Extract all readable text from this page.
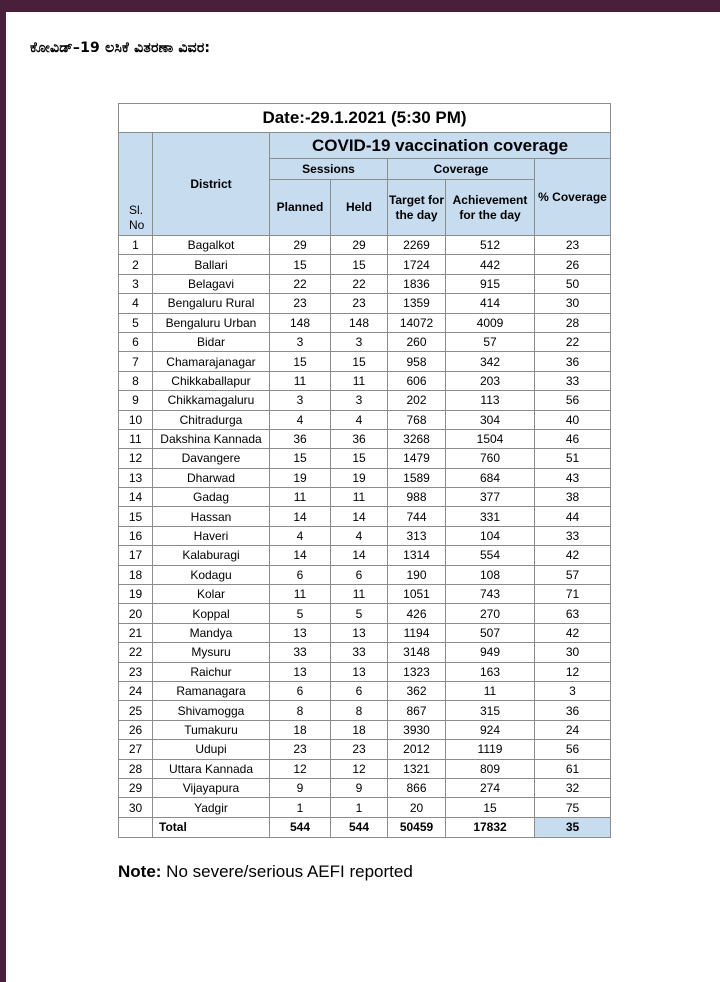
ಕೋವಿಡ್‌–19 ಲಸಿಕೆ ವಿತರಣಾ ವಿವರ:
Date:-29.1.2021 (5:30 PM)						
Sl.
No	District	COVID-19 vaccination coverage				
		Sessions		Coverage		% Coverage
		Planned	Held	Target for the day	Achievement for the day	
1	Bagalkot	29	29	2269	512	23
2	Ballari	15	15	1724	442	26
3	Belagavi	22	22	1836	915	50
4	Bengaluru Rural	23	23	1359	414	30
5	Bengaluru Urban	148	148	14072	4009	28
6	Bidar	3	3	260	57	22
7	Chamarajanagar	15	15	958	342	36
8	Chikkaballapur	11	11	606	203	33
9	Chikkamagaluru	3	3	202	113	56
10	Chitradurga	4	4	768	304	40
11	Dakshina Kannada	36	36	3268	1504	46
12	Davangere	15	15	1479	760	51
13	Dharwad	19	19	1589	684	43
14	Gadag	11	11	988	377	38
15	Hassan	14	14	744	331	44
16	Haveri	4	4	313	104	33
17	Kalaburagi	14	14	1314	554	42
18	Kodagu	6	6	190	108	57
19	Kolar	11	11	1051	743	71
20	Koppal	5	5	426	270	63
21	Mandya	13	13	1194	507	42
22	Mysuru	33	33	3148	949	30
23	Raichur	13	13	1323	163	12
24	Ramanagara	6	6	362	11	3
25	Shivamogga	8	8	867	315	36
26	Tumakuru	18	18	3930	924	24
27	Udupi	23	23	2012	1119	56
28	Uttara Kannada	12	12	1321	809	61
29	Vijayapura	9	9	866	274	32
30	Yadgir	1	1	20	15	75
	Total	544	544	50459	17832	35
Note: No severe/serious AEFI reported
